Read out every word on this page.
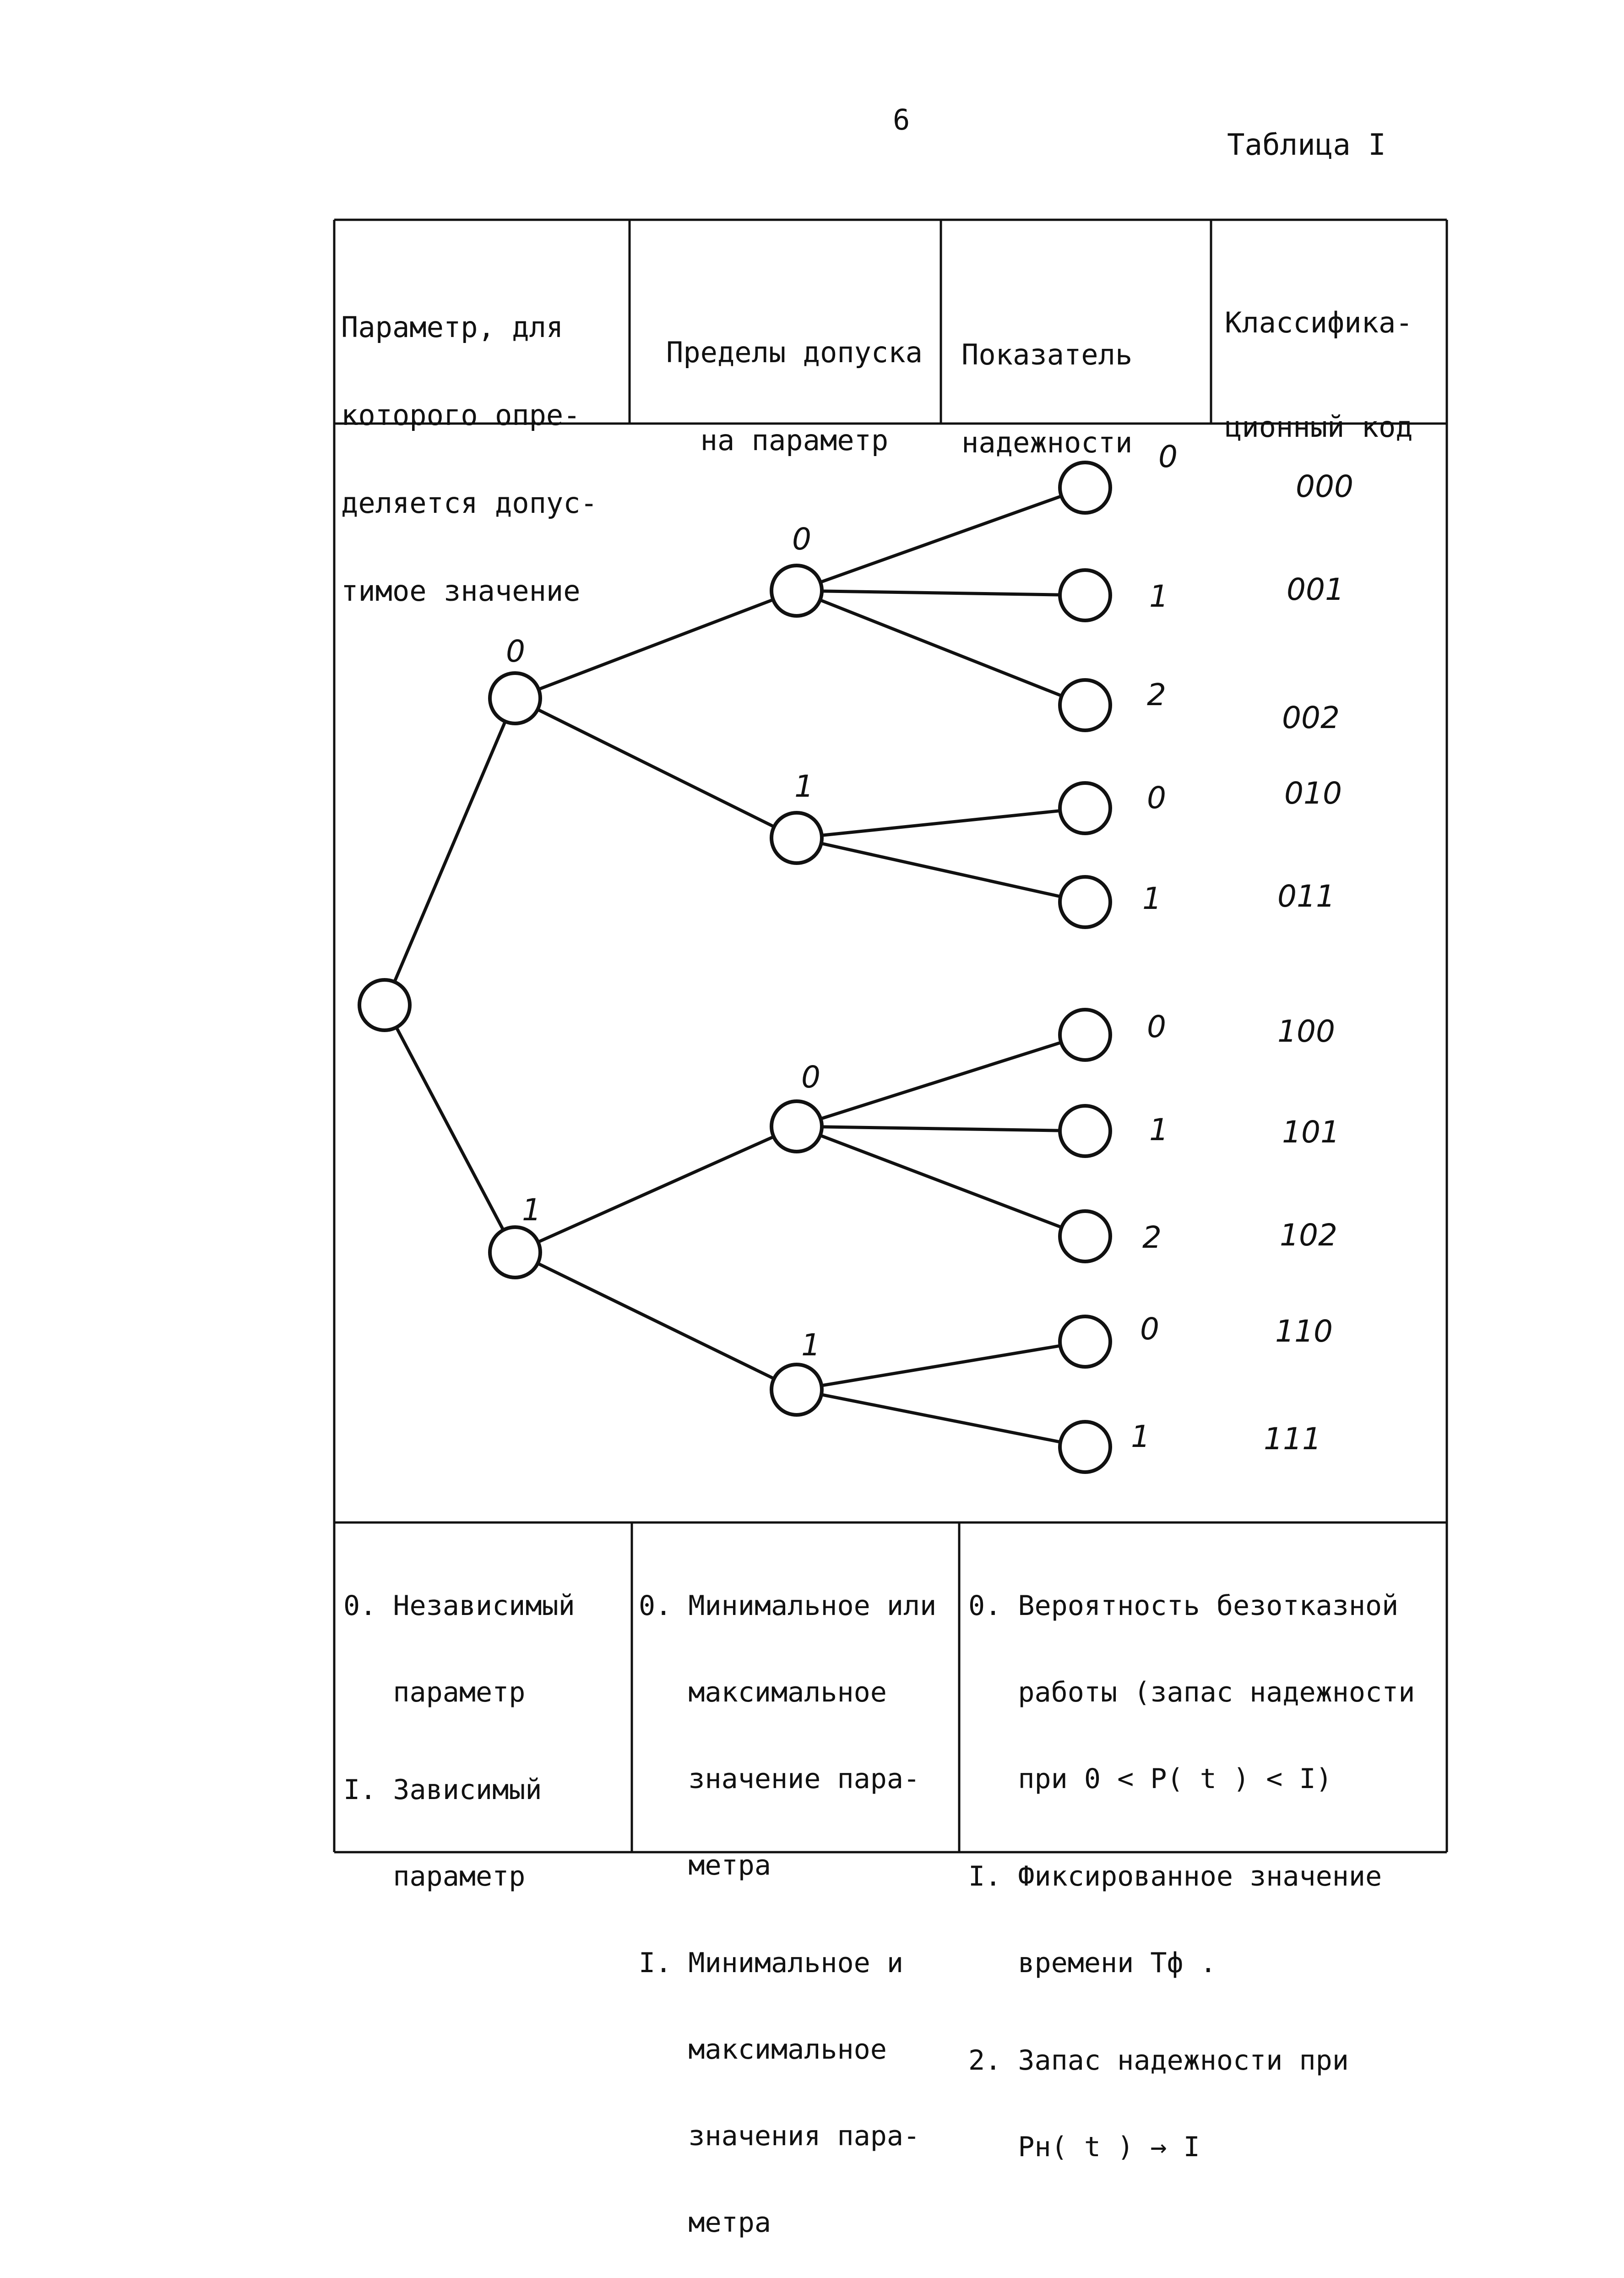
6
Таблица I
0
1
0
1
0
1
0
1
2
0
1
0
1
2
0
1
000
001
002
010
011
100
101
102
110
111

Параметр, для

которого опре-

деляется допус-

тимое значение

Пределы допуска

на параметр

Показатель

надежности

Классифика-

ционный код

0. Независимый

параметр

I. Зависимый

параметр

0. Минимальное или

максимальное

значение пара-

метра

I. Минимальное и

максимальное

значения пара-

метра

0. Вероятность безотказной

работы (запас надежности

при 0 < P( t ) < I)

I. Фиксированное значение

времени Tф .

2. Запас надежности при

Pн( t ) → I
